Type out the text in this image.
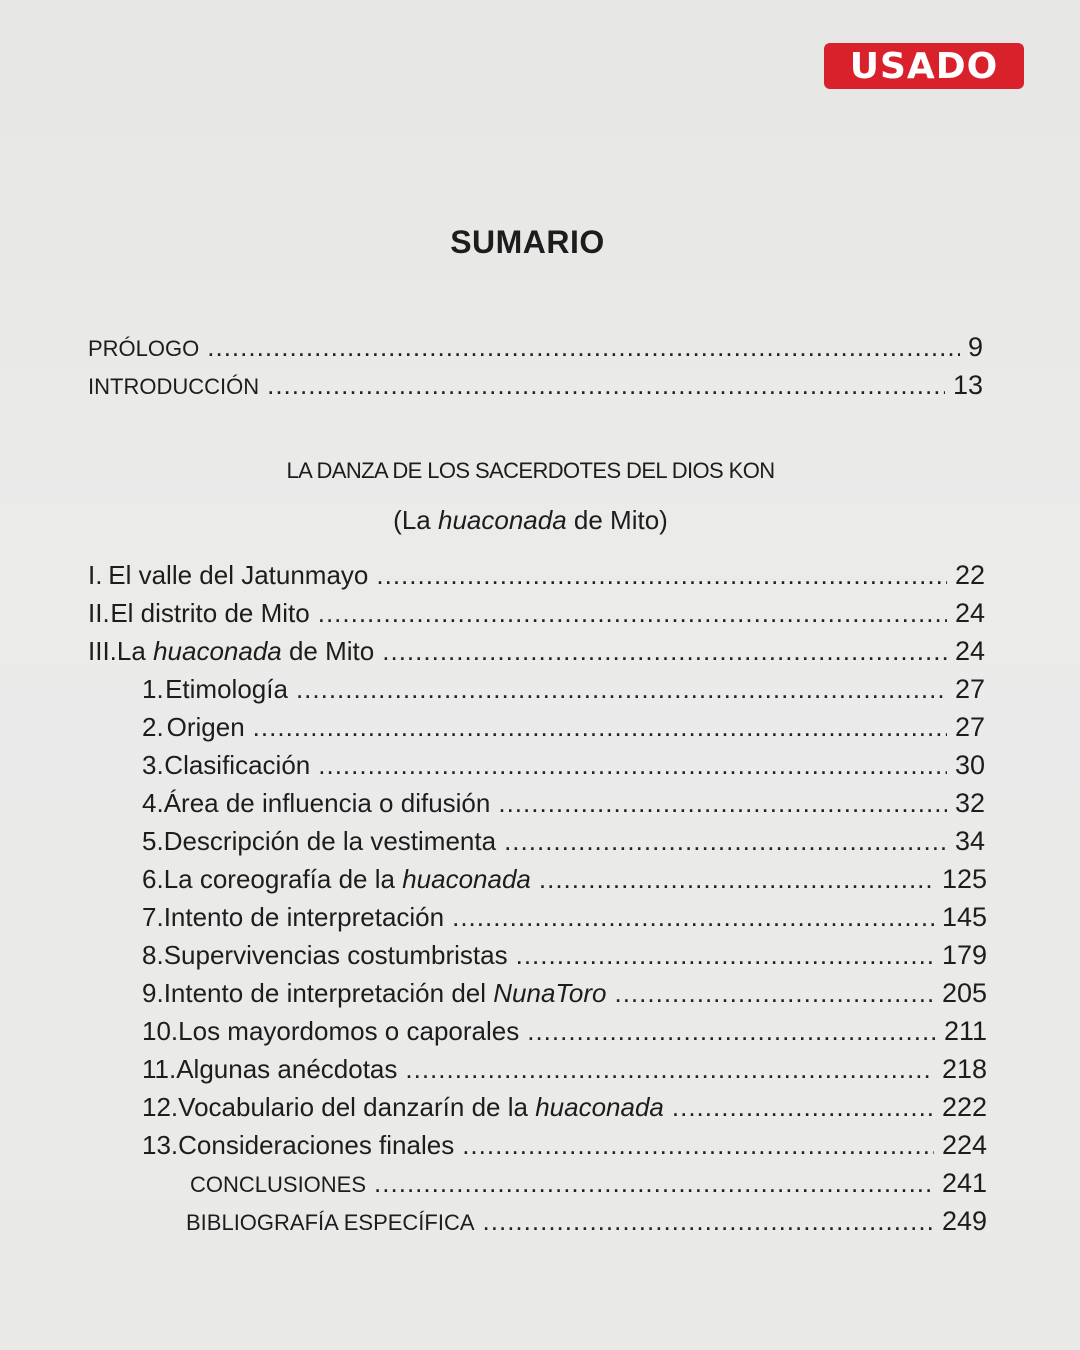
USADO
SUMARIO
PRÓLOGO .....	9
INTRODUCCIÓN .....	13
LA DANZA DE LOS SACERDOTES DEL DIOS KON
(La huaconada de Mito)
I. El valle del Jatunmayo .....	22
II. El distrito de Mito .....	24
III. La huaconada de Mito .....	24
1. Etimología .....	27
2. Origen .....	27
3. Clasificación .....	30
4. Área de influencia o difusión .....	32
5. Descripción de la vestimenta .....	34
6. La coreografía de la huaconada .....	125
7. Intento de interpretación .....	145
8. Supervivencias costumbristas .....	179
9. Intento de interpretación del NunaToro .....	205
10. Los mayordomos o caporales .....	211
11. Algunas anécdotas .....	218
12. Vocabulario del danzarín de la huaconada .....	222
13. Consideraciones finales .....	224
CONCLUSIONES .....	241
BIBLIOGRAFÍA ESPECÍFICA .....	249
